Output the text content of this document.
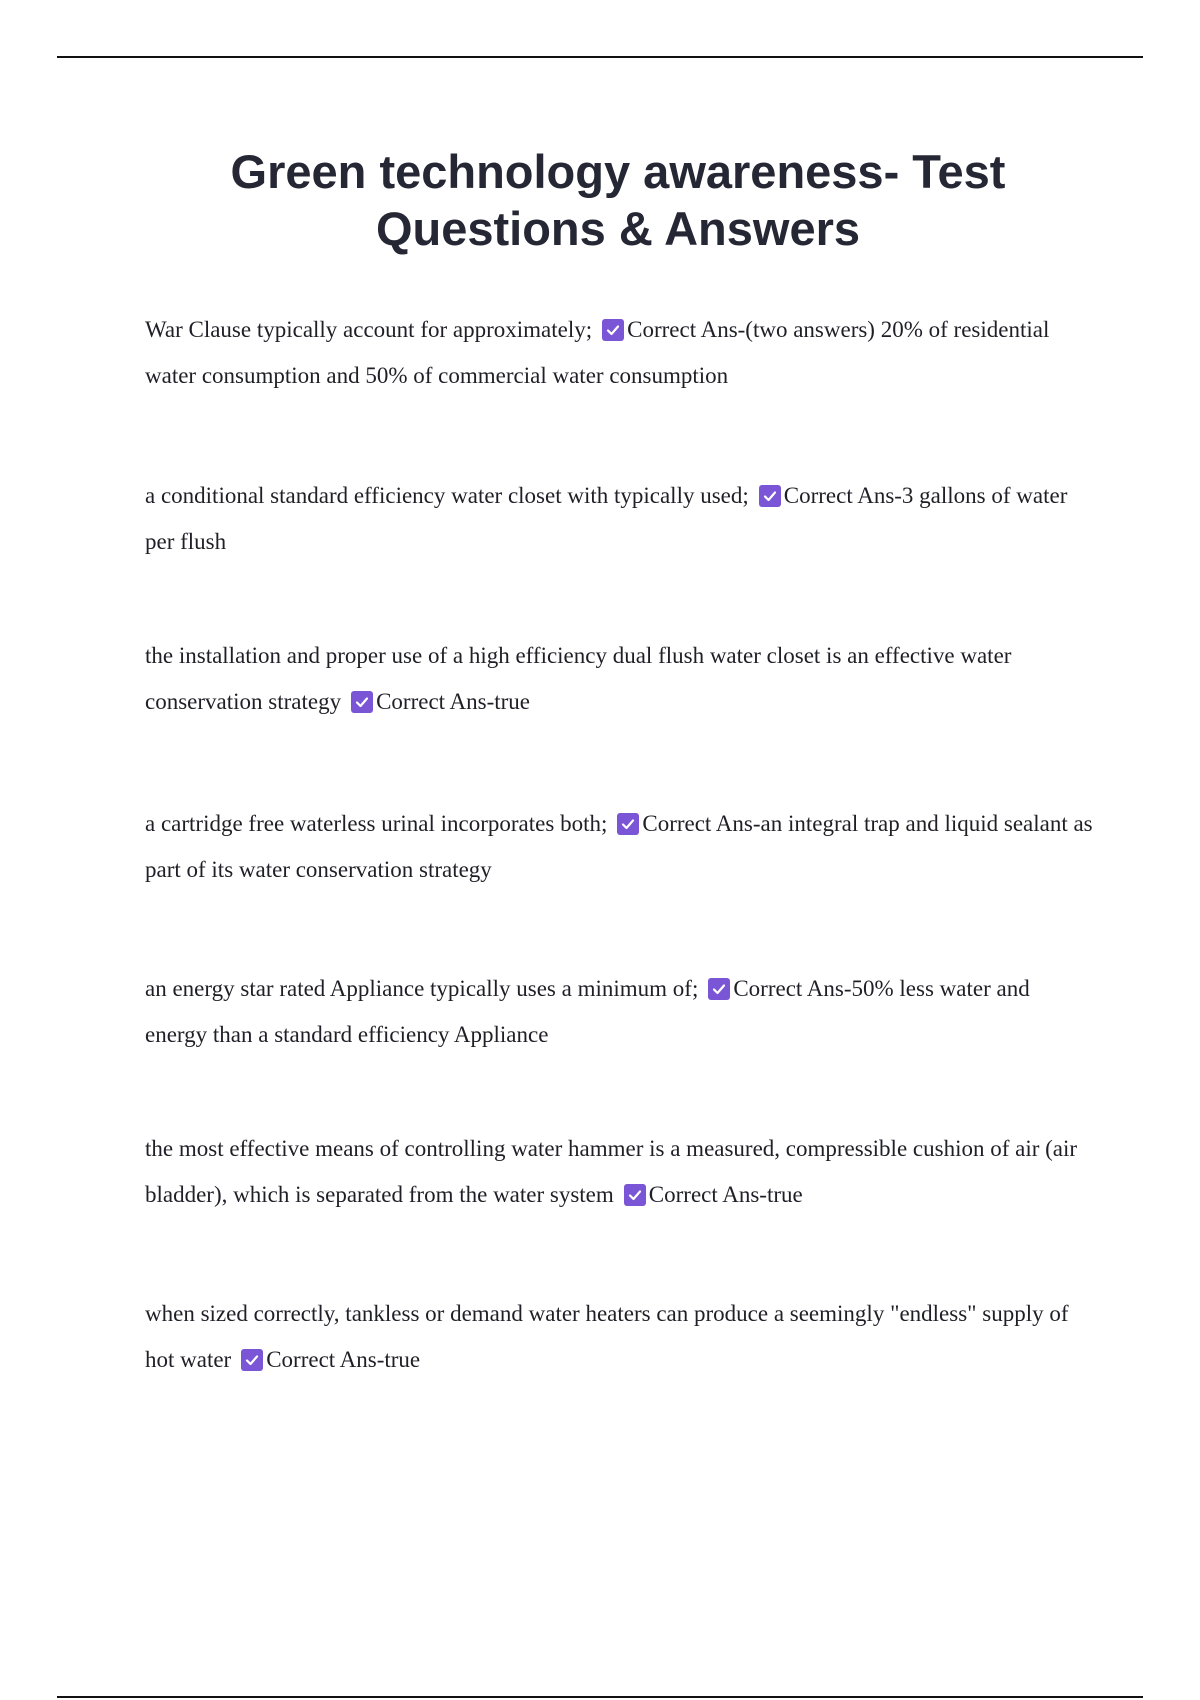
Green technology awareness- Test Questions & Answers

War Clause typically account for approximately; Correct Ans-(two answers) 20% of residential water consumption and 50% of commercial water consumption

a conditional standard efficiency water closet with typically used; Correct Ans-3 gallons of water per flush

the installation and proper use of a high efficiency dual flush water closet is an effective water conservation strategy Correct Ans-true

a cartridge free waterless urinal incorporates both; Correct Ans-an integral trap and liquid sealant as part of its water conservation strategy

an energy star rated Appliance typically uses a minimum of; Correct Ans-50% less water and energy than a standard efficiency Appliance

the most effective means of controlling water hammer is a measured, compressible cushion of air (air bladder), which is separated from the water system Correct Ans-true

when sized correctly, tankless or demand water heaters can produce a seemingly "endless" supply of hot water Correct Ans-true
